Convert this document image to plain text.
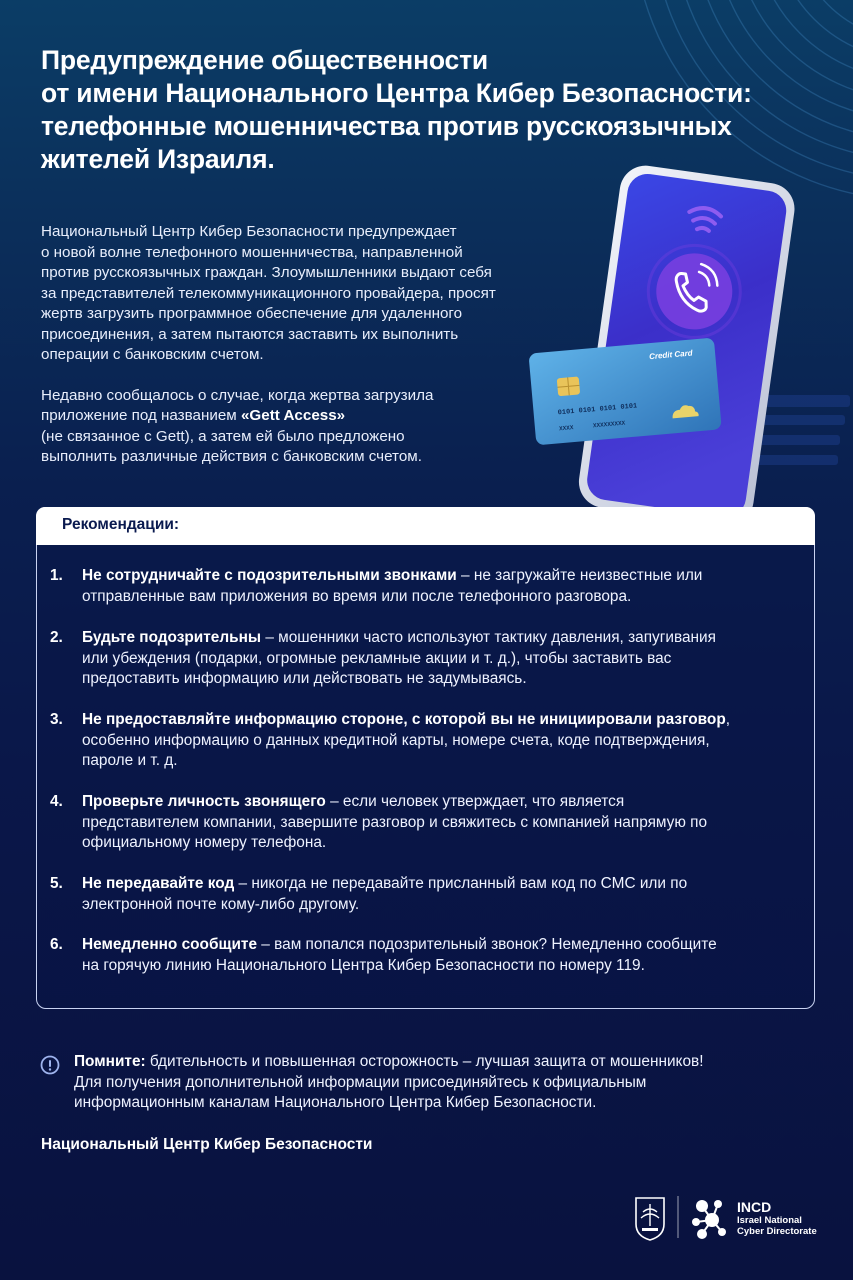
Предупреждение общественности
от имени Национального Центра Кибер Безопасности:
телефонные мошенничества против русскоязычных
жителей Израиля.

Национальный Центр Кибер Безопасности предупреждает
о новой волне телефонного мошенничества, направленной
против русскоязычных граждан. Злоумышленники выдают себя
за представителей телекоммуникационного провайдера, просят
жертв загрузить программное обеспечение для удаленного
присоединения, а затем пытаются заставить их выполнить
операции с банковским счетом.

Недавно сообщалось о случае, когда жертва загрузила
приложение под названием «Gett Access»
(не связанное с Gett), а затем ей было предложено
выполнить различные действия с банковским счетом.

Credit Card
0101 0101 0101 0101
XXXX	XXXXXXXXX
Рекомендации:
1. Не сотрудничайте с подозрительными звонками – не загружайте неизвестные или
отправленные вам приложения во время или после телефонного разговора.
2. Будьте подозрительны – мошенники часто используют тактику давления, запугивания
или убеждения (подарки, огромные рекламные акции и т. д.), чтобы заставить вас
предоставить информацию или действовать не задумываясь.
3. Не предоставляйте информацию стороне, с которой вы не инициировали разговор,
особенно информацию о данных кредитной карты, номере счета, коде подтверждения,
пароле и т. д.
4. Проверьте личность звонящего – если человек утверждает, что является
представителем компании, завершите разговор и свяжитесь с компанией напрямую по
официальному номеру телефона.
5. Не передавайте код – никогда не передавайте присланный вам код по СМС или по
электронной почте кому-либо другому.
6. Немедленно сообщите – вам попался подозрительный звонок? Немедленно сообщите
на горячую линию Национального Центра Кибер Безопасности по номеру 119.
Помните: бдительность и повышенная осторожность – лучшая защита от мошенников!
Для получения дополнительной информации присоединяйтесь к официальным
информационным каналам Национального Центра Кибер Безопасности.
Национальный Центр Кибер Безопасности
INCD
Israel National
Cyber Directorate
